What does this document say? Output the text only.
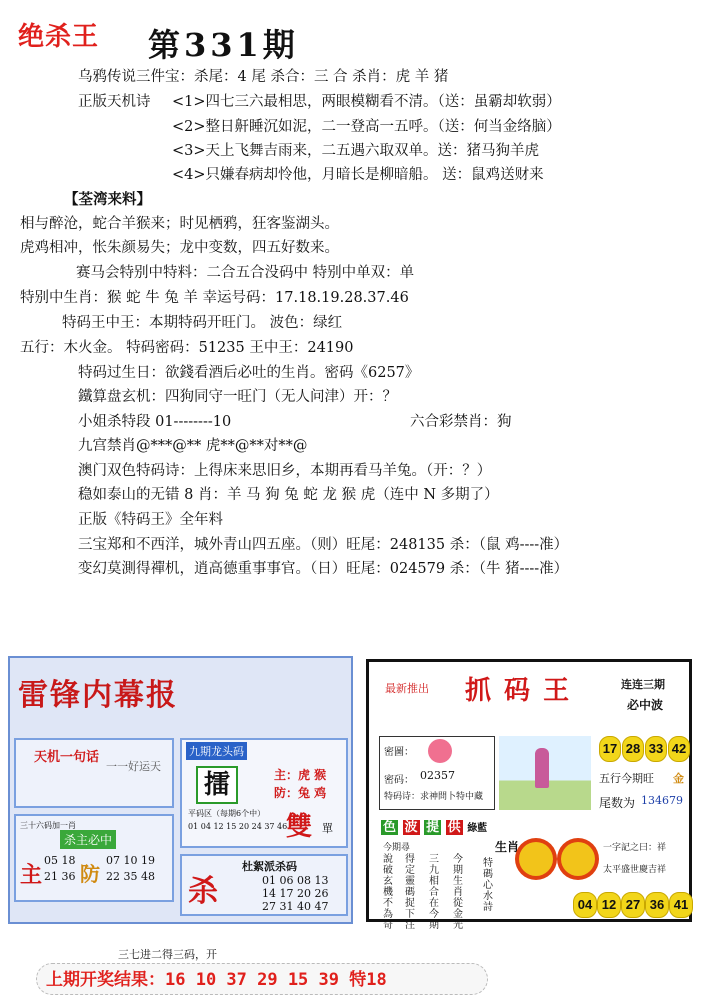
绝杀王 第331期
乌鸦传说三件宝：杀尾：4 尾 杀合：三 合 杀肖：虎 羊 猪
正版天机诗 <1>四七三六最相思，两眼模糊看不清。（送：虽霸却软弱）
<2>整日鼾睡沉如泥，二一登高一五呼。（送：何当金络脑）
<3>天上飞舞吉雨来，二五遇六取双单。送：猪马狗羊虎
<4>只嫌春病却怜他，月暗长是柳暗船。 送：鼠鸡送财来
【荃湾来料】
相与醉沧，蛇合羊猴来；时见栖鸦，狂客鉴湖头。
虎鸡相冲，怅朱颜易失；龙中变数，四五好数来。
赛马会特别中特料：二合五合没码中 特别中单双：单
特别中生肖：猴 蛇 牛 兔 羊 幸运号码：17.18.19.28.37.46
特码王中王：本期特码开旺门。 波色：绿红
五行：木火金。 特码密码：51235 王中王：24190
特码过生日：欲錢看酒后必吐的生肖。密码《6257》
鐵算盘玄机：四狗同守一旺门（无人问津）开：？
小姐杀特段 01--------10	六合彩禁肖：狗
九宫禁肖@***@** 虎**@**对**@
澳门双色特码诗：上得床来思旧乡，本期再看马羊兔。（开：？）
稳如泰山的无错 8 肖：羊 马 狗 兔 蛇 龙 猴 虎（连中 N 多期了）
正版《特码王》全年料
三宝郑和不西洋，城外青山四五座。（则）旺尾：248135 杀：（鼠 鸡----准）
变幻莫測得禪机，逍高德重事事官。（日）旺尾：024579 杀：（牛 猪----准）
雷锋内幕报
天机一句话
一一好运天
九期龙头码
擂	主：虎 猴
防：兔 鸡
平码区（每期6个中）
01 04 12 15 20 24 37 46
雙 單
三十六码加一肖
杀主必中
主
05 18
21 36 防
07 10 19
22 35 48 杀
杜絮派杀码
01 06 08 13
14 17 20 26
27 31 40 47
三七进二得三码，开
最新推出 抓 码 王	连连三期
必中波
密圖：
密码： 02357
特码诗： 求神問卜特中藏
17 28 33 42
五行今期旺 金
尾数为 134679
色 波 提 供 綠藍
今期尋
說破玄機不為奇
得定靈碼捉下注
三九相合在今期
今期生肖從金光
生肖
特碼心水詩
一字記之曰：祥
太平盛世慶吉祥
04 12 27 36 41
上期开奖结果：16 10 37 29 15 39 特18
